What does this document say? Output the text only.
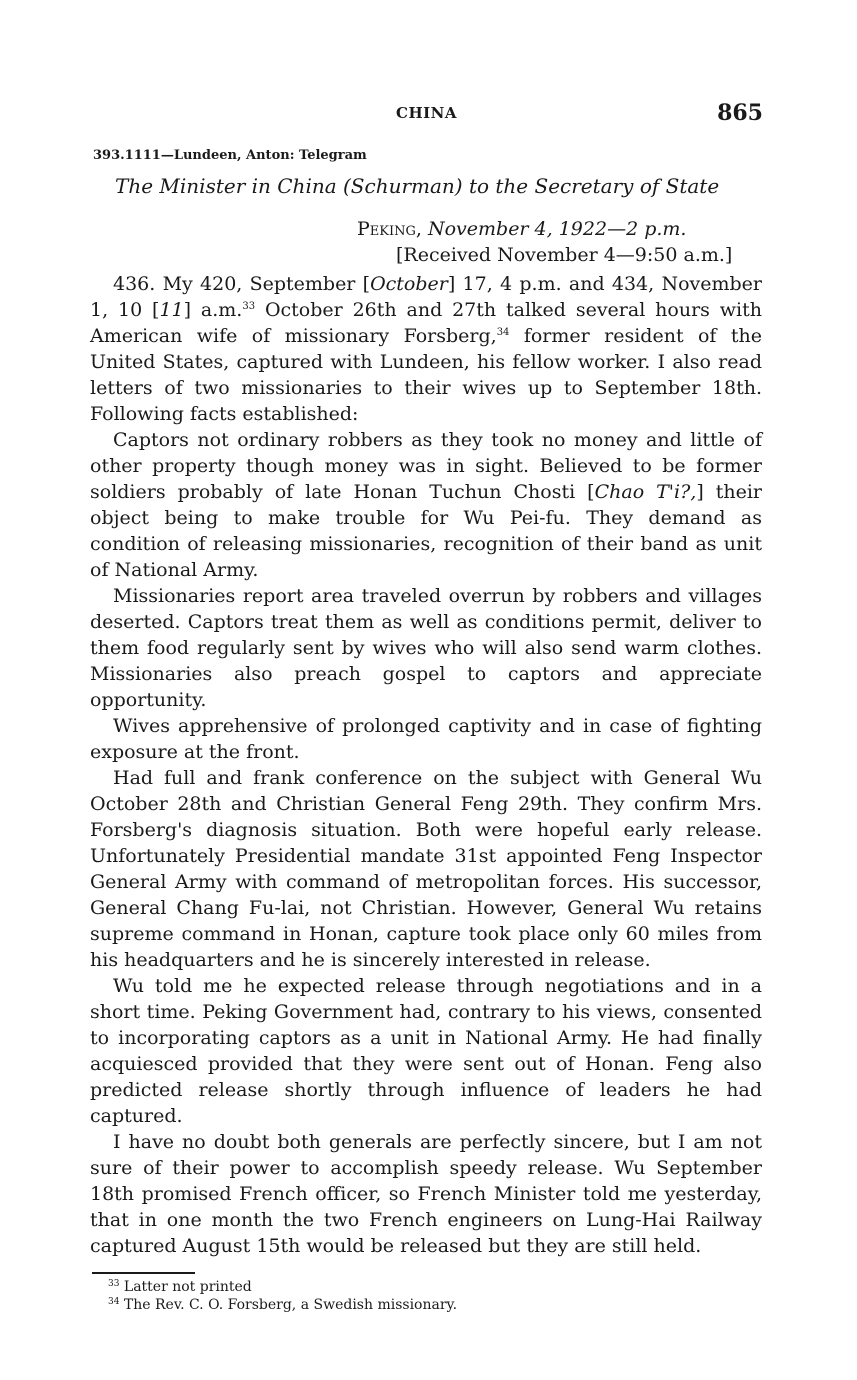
CHINA	865
393.1111—Lundeen, Anton: Telegram
The Minister in China (Schurman) to the Secretary of State
Peking, November 4, 1922—2 p.m.
[Received November 4—9:50 a.m.]

436. My 420, September [October] 17, 4 p.m. and 434, November 1, 10 [11] a.m.$^{33}$ October 26th and 27th talked several hours with American wife of missionary Forsberg,$^{34}$ former resident of the United States, captured with Lundeen, his fellow worker. I also read letters of two missionaries to their wives up to September 18th. Following facts established:

Captors not ordinary robbers as they took no money and little of other property though money was in sight. Believed to be former soldiers probably of late Honan Tuchun Chosti [Chao T'i?,] their object being to make trouble for Wu Pei-fu. They demand as condition of releasing missionaries, recognition of their band as unit of National Army.

Missionaries report area traveled overrun by robbers and villages deserted. Captors treat them as well as conditions permit, deliver to them food regularly sent by wives who will also send warm clothes. Missionaries also preach gospel to captors and appreciate opportunity.

Wives apprehensive of prolonged captivity and in case of fighting exposure at the front.

Had full and frank conference on the subject with General Wu October 28th and Christian General Feng 29th. They confirm Mrs. Forsberg's diagnosis situation. Both were hopeful early release. Unfortunately Presidential mandate 31st appointed Feng Inspector General Army with command of metropolitan forces. His successor, General Chang Fu-lai, not Christian. However, General Wu retains supreme command in Honan, capture took place only 60 miles from his headquarters and he is sincerely interested in release.

Wu told me he expected release through negotiations and in a short time. Peking Government had, contrary to his views, consented to incorporating captors as a unit in National Army. He had finally acquiesced provided that they were sent out of Honan. Feng also predicted release shortly through influence of leaders he had captured.

I have no doubt both generals are perfectly sincere, but I am not sure of their power to accomplish speedy release. Wu September 18th promised French officer, so French Minister told me yesterday, that in one month the two French engineers on Lung-Hai Railway captured August 15th would be released but they are still held.

$^{33}$ Latter not printed
$^{34}$ The Rev. C. O. Forsberg, a Swedish missionary.
